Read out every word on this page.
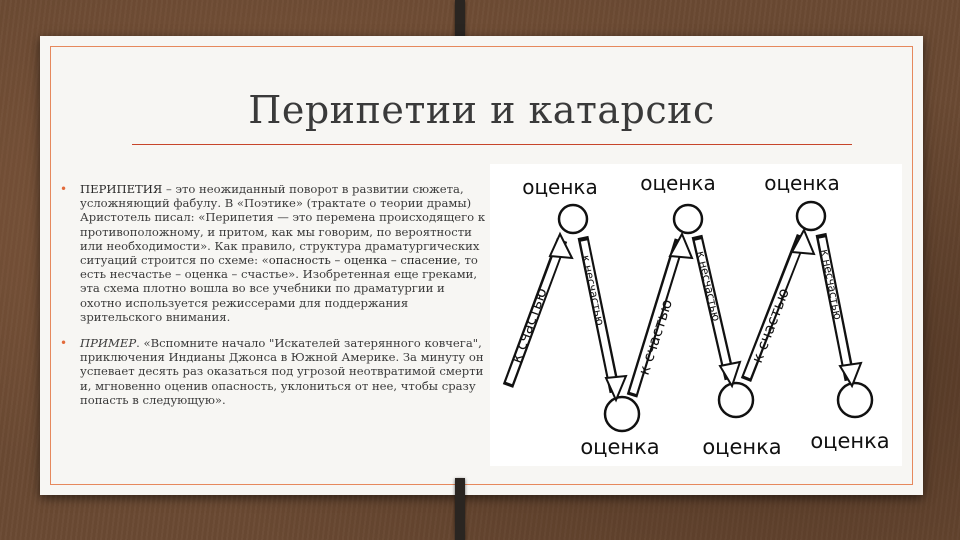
Перипетии и катарсис
• ПЕРИПЕТИЯ – это неожиданный поворот в развитии сюжета, усложняющий фабулу. В «Поэтике» (трактате о теории драмы) Аристотель писал: «Перипетия — это перемена происходящего к противоположному, и притом, как мы говорим, по вероятности или необходимости». Как правило, структура драматургических ситуаций строится по схеме: «опасность – оценка – спасение, то есть несчастье – оценка – счастье». Изобретенная еще греками, эта схема плотно вошла во все учебники по драматургии и охотно используется режиссерами для поддержания зрительского внимания.
• ПРИМЕР. «Вспомните начало "Искателей затерянного ковчега", приключения Индианы Джонса в Южной Америке. За минуту он успевает десять раз оказаться под угрозой неотвратимой смерти и, мгновенно оценив опасность, уклониться от нее, чтобы сразу попасть в следующую».
оценка оценка оценка
к счастью	к несчастью
к счастью
к несчастью к счастью
к несчастью
оценка оценка оценка
